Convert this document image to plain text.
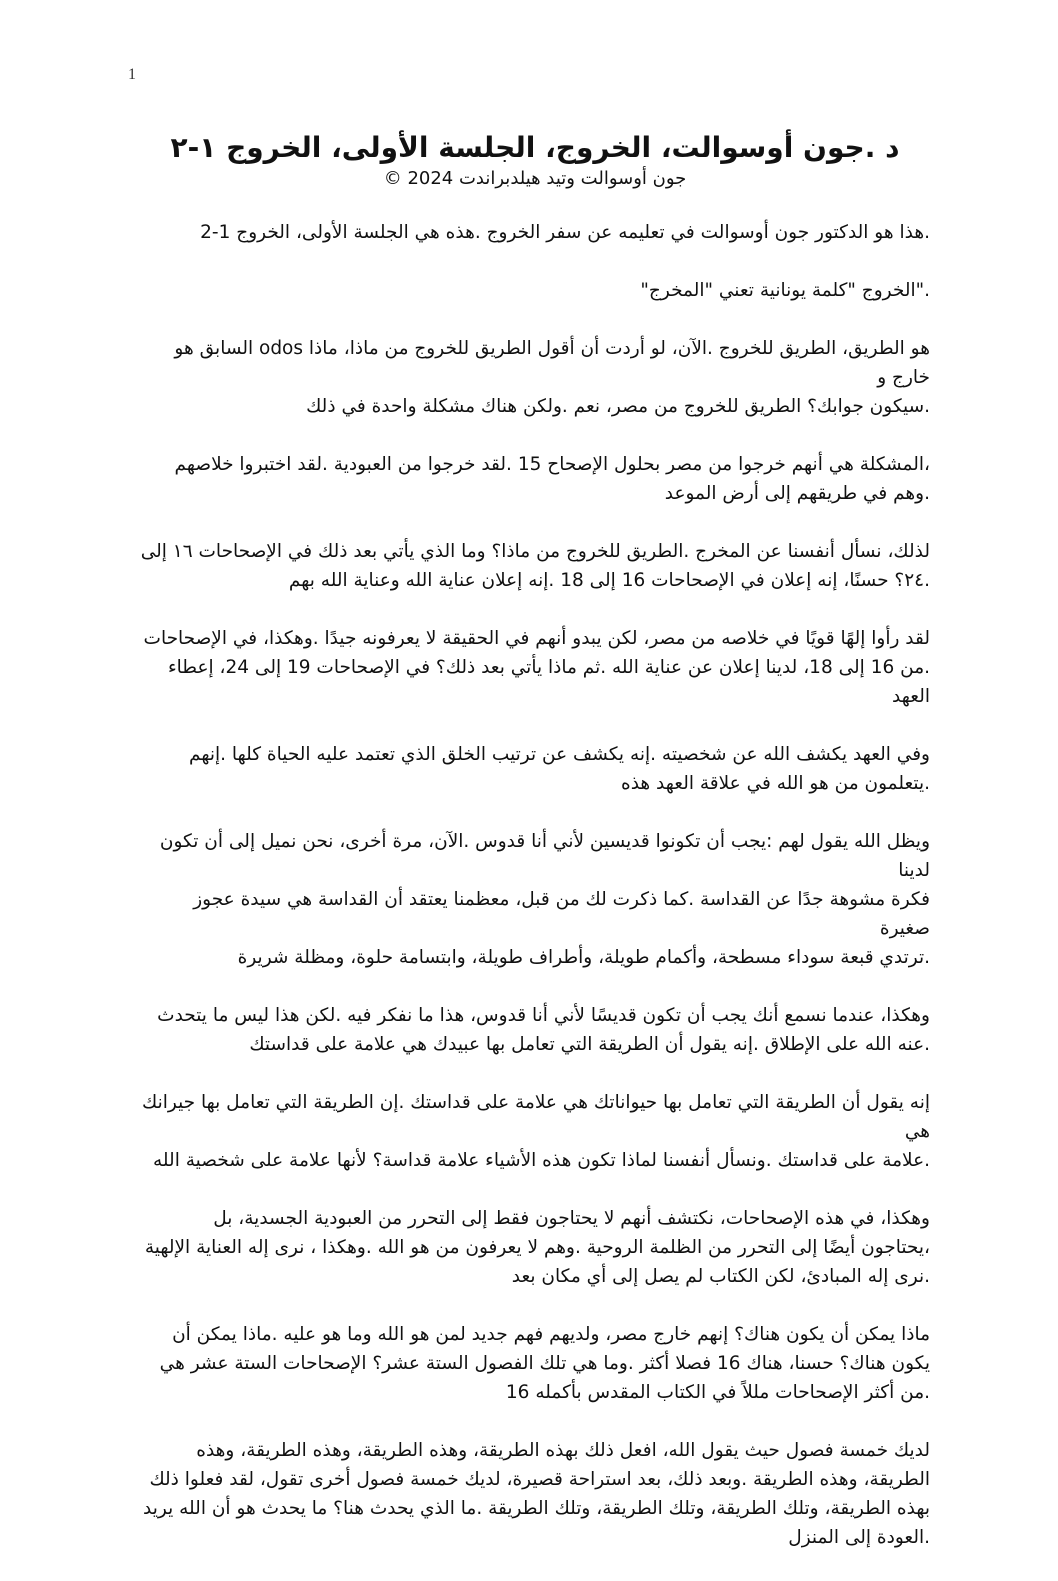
1
د .جون أوسوالت، الخروج، الجلسة الأولى، الخروج ١-٢

جون أوسوالت وتيد هيلدبراندت 2024 ©

.هذا هو الدكتور جون أوسوالت في تعليمه عن سفر الخروج .هذه هي الجلسة الأولى، الخروج 1-2

."الخروج "كلمة يونانية تعني "المخرج"

هو الطريق، الطريق للخروج .الآن، لو أردت أن أقول الطريق للخروج من ماذا، ماذا odos السابق هو خارج و
.سيكون جوابك؟ الطريق للخروج من مصر، نعم .ولكن هناك مشكلة واحدة في ذلك

،المشكلة هي أنهم خرجوا من مصر بحلول الإصحاح 15 .لقد خرجوا من العبودية .لقد اختبروا خلاصهم
.وهم في طريقهم إلى أرض الموعد

لذلك، نسأل أنفسنا عن المخرج .الطريق للخروج من ماذا؟ وما الذي يأتي بعد ذلك في الإصحاحات ١٦ إلى
.٢٤؟ حسنًا، إنه إعلان في الإصحاحات 16 إلى 18 .إنه إعلان عناية الله وعناية الله بهم

لقد رأوا إلهًا قويًا في خلاصه من مصر، لكن يبدو أنهم في الحقيقة لا يعرفونه جيدًا .وهكذا، في الإصحاحات
.من 16 إلى 18، لدينا إعلان عن عناية الله .ثم ماذا يأتي بعد ذلك؟ في الإصحاحات 19 إلى 24، إعطاء العهد

وفي العهد يكشف الله عن شخصيته .إنه يكشف عن ترتيب الخلق الذي تعتمد عليه الحياة كلها .إنهم
.يتعلمون من هو الله في علاقة العهد هذه

ويظل الله يقول لهم :يجب أن تكونوا قديسين لأني أنا قدوس .الآن، مرة أخرى، نحن نميل إلى أن تكون لدينا
فكرة مشوهة جدًا عن القداسة .كما ذكرت لك من قبل، معظمنا يعتقد أن القداسة هي سيدة عجوز صغيرة
.ترتدي قبعة سوداء مسطحة، وأكمام طويلة، وأطراف طويلة، وابتسامة حلوة، ومظلة شريرة

وهكذا، عندما نسمع أنك يجب أن تكون قديسًا لأني أنا قدوس، هذا ما نفكر فيه .لكن هذا ليس ما يتحدث
.عنه الله على الإطلاق .إنه يقول أن الطريقة التي تعامل بها عبيدك هي علامة على قداستك

إنه يقول أن الطريقة التي تعامل بها حيواناتك هي علامة على قداستك .إن الطريقة التي تعامل بها جيرانك هي
.علامة على قداستك .ونسأل أنفسنا لماذا تكون هذه الأشياء علامة قداسة؟ لأنها علامة على شخصية الله

وهكذا، في هذه الإصحاحات، نكتشف أنهم لا يحتاجون فقط إلى التحرر من العبودية الجسدية، بل
،يحتاجون أيضًا إلى التحرر من الظلمة الروحية .وهم لا يعرفون من هو الله .وهكذا ، نرى إله العناية الإلهية
.نرى إله المبادئ، لكن الكتاب لم يصل إلى أي مكان بعد

ماذا يمكن أن يكون هناك؟ إنهم خارج مصر، ولديهم فهم جديد لمن هو الله وما هو عليه .ماذا يمكن أن
يكون هناك؟ حسنا، هناك 16 فصلا أكثر .وما هي تلك الفصول الستة عشر؟ الإصحاحات الستة عشر هي
.من أكثر الإصحاحات مللاً في الكتاب المقدس بأكمله 16

لديك خمسة فصول حيث يقول الله، افعل ذلك بهذه الطريقة، وهذه الطريقة، وهذه الطريقة، وهذه
الطريقة، وهذه الطريقة .وبعد ذلك، بعد استراحة قصيرة، لديك خمسة فصول أخرى تقول، لقد فعلوا ذلك
بهذه الطريقة، وتلك الطريقة، وتلك الطريقة، وتلك الطريقة .ما الذي يحدث هنا؟ ما يحدث هو أن الله يريد
.العودة إلى المنزل
